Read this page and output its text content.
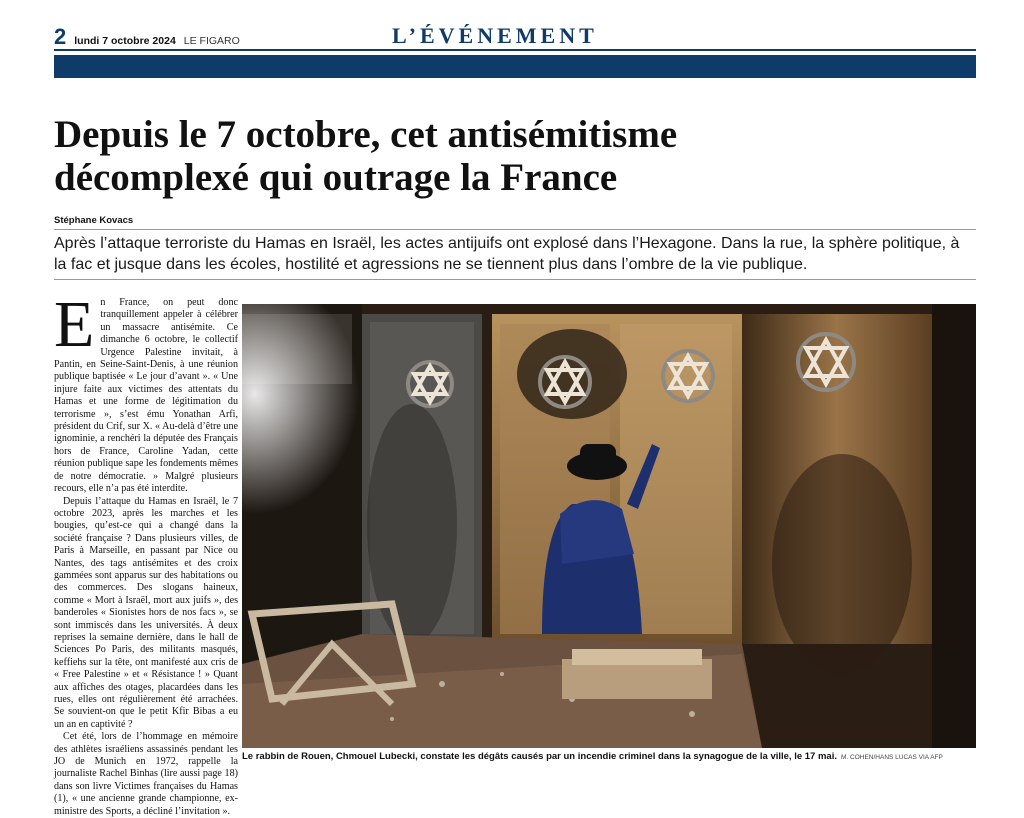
2 lundi 7 octobre 2024 LE FIGARO	L’ÉVÉNEMENT
Depuis le 7 octobre, cet antisémitisme
décomplexé qui outrage la France
Stéphane Kovacs

Après l’attaque terroriste du Hamas en Israël, les actes antijuifs ont explosé dans l’Hexagone. Dans la rue, la sphère politique, à la fac et jusque dans les écoles, hostilité et agressions ne se tiennent plus dans l’ombre de la vie publique.

En France, on peut donc tranquillement appeler à célébrer un massacre antisémite. Ce dimanche 6 octobre, le collectif Urgence Palestine invitait, à Pantin, en Seine-Saint-Denis, à une réunion publique baptisée « Le jour d’avant ». « Une injure faite aux victimes des attentats du Hamas et une forme de légitimation du terrorisme », s’est ému Yonathan Arfi, président du Crif, sur X. « Au-delà d’être une ignominie, a renchéri la députée des Français hors de France, Caroline Yadan, cette réunion publique sape les fondements mêmes de notre démocratie. » Malgré plusieurs recours, elle n’a pas été interdite.

Depuis l’attaque du Hamas en Israël, le 7 octobre 2023, après les marches et les bougies, qu’est-ce qui a changé dans la société française ? Dans plusieurs villes, de Paris à Marseille, en passant par Nice ou Nantes, des tags antisémites et des croix gammées sont apparus sur des habitations ou des commerces. Des slogans haineux, comme « Mort à Israël, mort aux juifs », des banderoles « Sionistes hors de nos facs », se sont immiscés dans les universités. À deux reprises la semaine dernière, dans le hall de Sciences Po Paris, des militants masqués, keffiehs sur la tête, ont manifesté aux cris de « Free Palestine » et « Résistance ! » Quant aux affiches des otages, placardées dans les rues, elles ont régulièrement été arrachées. Se souvient-on que le petit Kfir Bibas a eu un an en captivité ?

Cet été, lors de l’hommage en mémoire des athlètes israéliens assassinés pendant les JO de Munich en 1972, rappelle la journaliste Rachel Binhas (lire aussi page 18) dans son livre Victimes françaises du Hamas (1), « une ancienne grande championne, ex-ministre des Sports, a décliné l’invitation ».

Le rabbin de Rouen, Chmouel Lubecki, constate les dégâts causés par un incendie criminel dans la synagogue de la ville, le 17 mai. M. COHEN/HANS LUCAS VIA AFP
